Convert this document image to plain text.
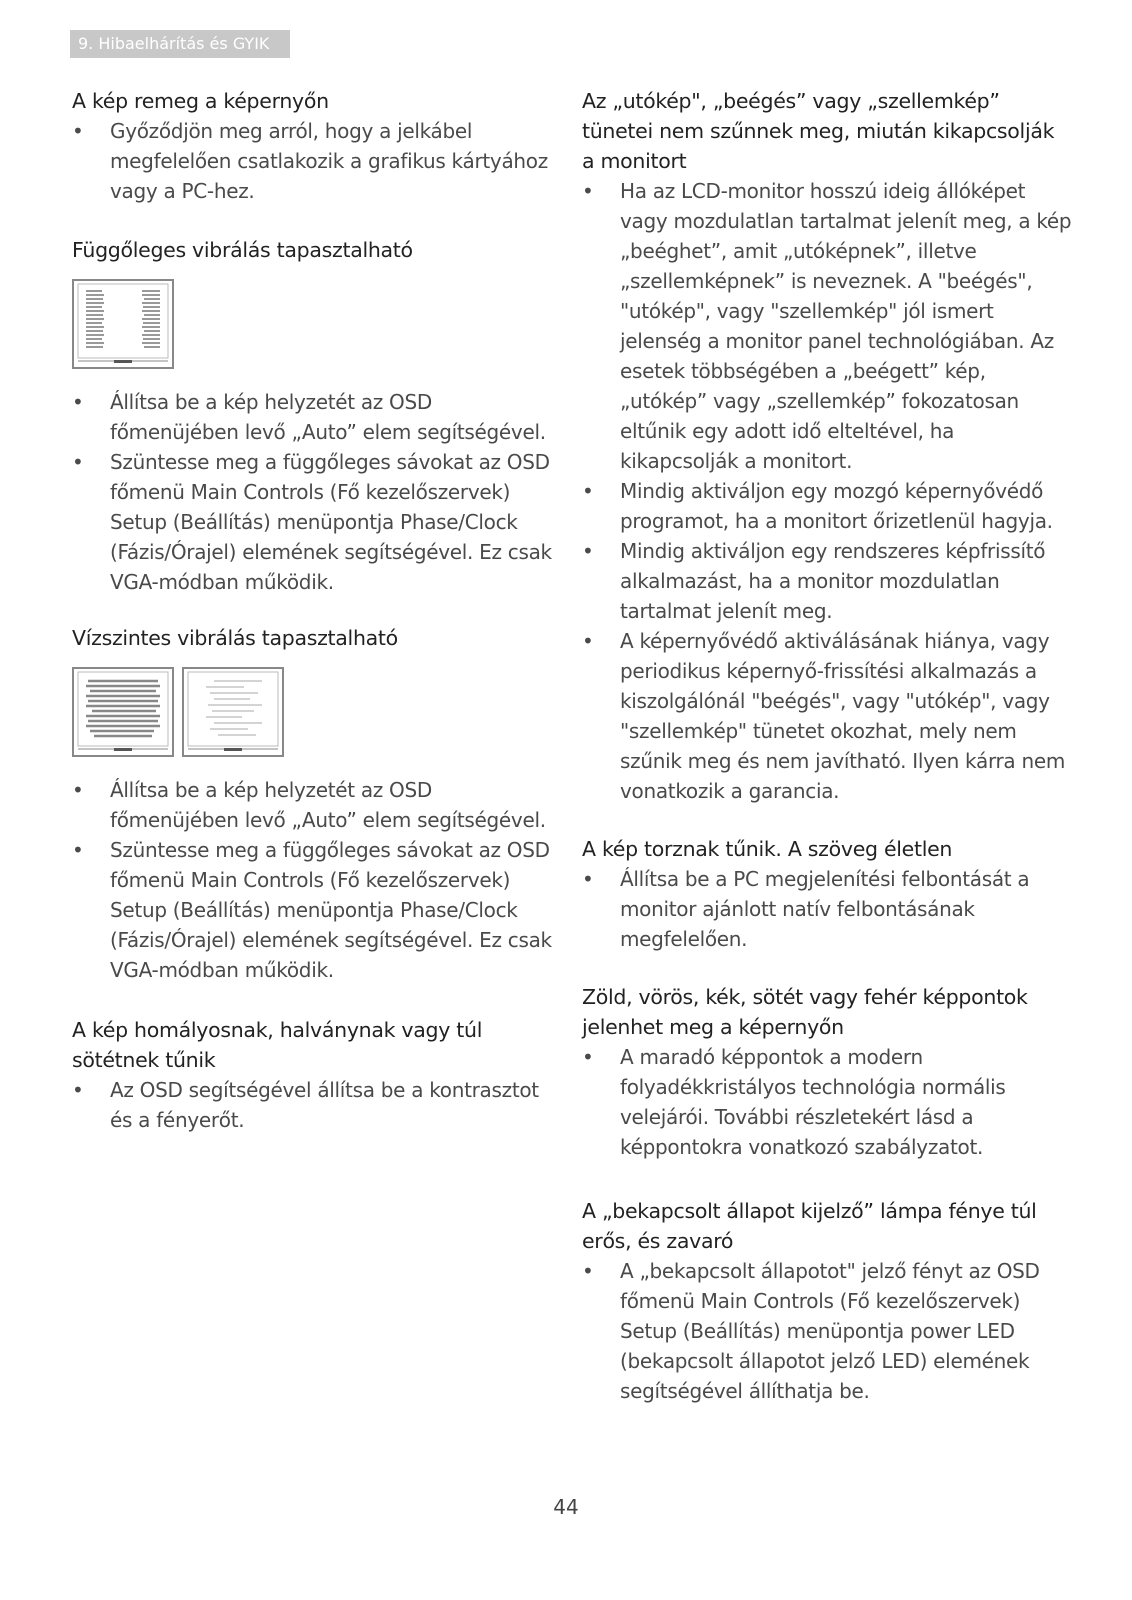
9. Hibaelhárítás és GYIK
A kép remeg a képernyőn
• Győződjön meg arról, hogy a jelkábel megfelelően csatlakozik a grafikus kártyához vagy a PC-hez.
Függőleges vibrálás tapasztalható
• Állítsa be a kép helyzetét az OSD főmenüjében levő „Auto” elem segítségével.
• Szüntesse meg a függőleges sávokat az OSD főmenü Main Controls (Fő kezelőszervek) Setup (Beállítás) menüpontja Phase/Clock (Fázis/Órajel) elemének segítségével. Ez csak VGA-módban működik.
Vízszintes vibrálás tapasztalható
• Állítsa be a kép helyzetét az OSD főmenüjében levő „Auto” elem segítségével.
• Szüntesse meg a függőleges sávokat az OSD főmenü Main Controls (Fő kezelőszervek) Setup (Beállítás) menüpontja Phase/Clock (Fázis/Órajel) elemének segítségével. Ez csak VGA-módban működik.
A kép homályosnak, halványnak vagy túl sötétnek tűnik
• Az OSD segítségével állítsa be a kontrasztot és a fényerőt.
Az „utókép", „beégés” vagy „szellemkép” tünetei nem szűnnek meg, miután kikapcsolják a monitort
• Ha az LCD-monitor hosszú ideig állóképet vagy mozdulatlan tartalmat jelenít meg, a kép „beéghet”, amit „utóképnek”, illetve „szellemképnek” is neveznek. A "beégés", "utókép", vagy "szellemkép" jól ismert jelenség a monitor panel technológiában. Az esetek többségében a „beégett” kép, „utókép” vagy „szellemkép” fokozatosan eltűnik egy adott idő elteltével, ha kikapcsolják a monitort.
• Mindig aktiváljon egy mozgó képernyővédő programot, ha a monitort őrizetlenül hagyja.
• Mindig aktiváljon egy rendszeres képfrissítő alkalmazást, ha a monitor mozdulatlan tartalmat jelenít meg.
• A képernyővédő aktiválásának hiánya, vagy periodikus képernyő-frissítési alkalmazás a kiszolgálónál "beégés", vagy "utókép", vagy "szellemkép" tünetet okozhat, mely nem szűnik meg és nem javítható. Ilyen kárra nem vonatkozik a garancia.
A kép torznak tűnik. A szöveg életlen
• Állítsa be a PC megjelenítési felbontását a monitor ajánlott natív felbontásának megfelelően.
Zöld, vörös, kék, sötét vagy fehér képpontok jelenhet meg a képernyőn
• A maradó képpontok a modern folyadékkristályos technológia normális velejárói. További részletekért lásd a képpontokra vonatkozó szabályzatot.
A „bekapcsolt állapot kijelző” lámpa fénye túl erős, és zavaró
• A „bekapcsolt állapotot" jelző fényt az OSD főmenü Main Controls (Fő kezelőszervek) Setup (Beállítás) menüpontja power LED (bekapcsolt állapotot jelző LED) elemének segítségével állíthatja be.
44
